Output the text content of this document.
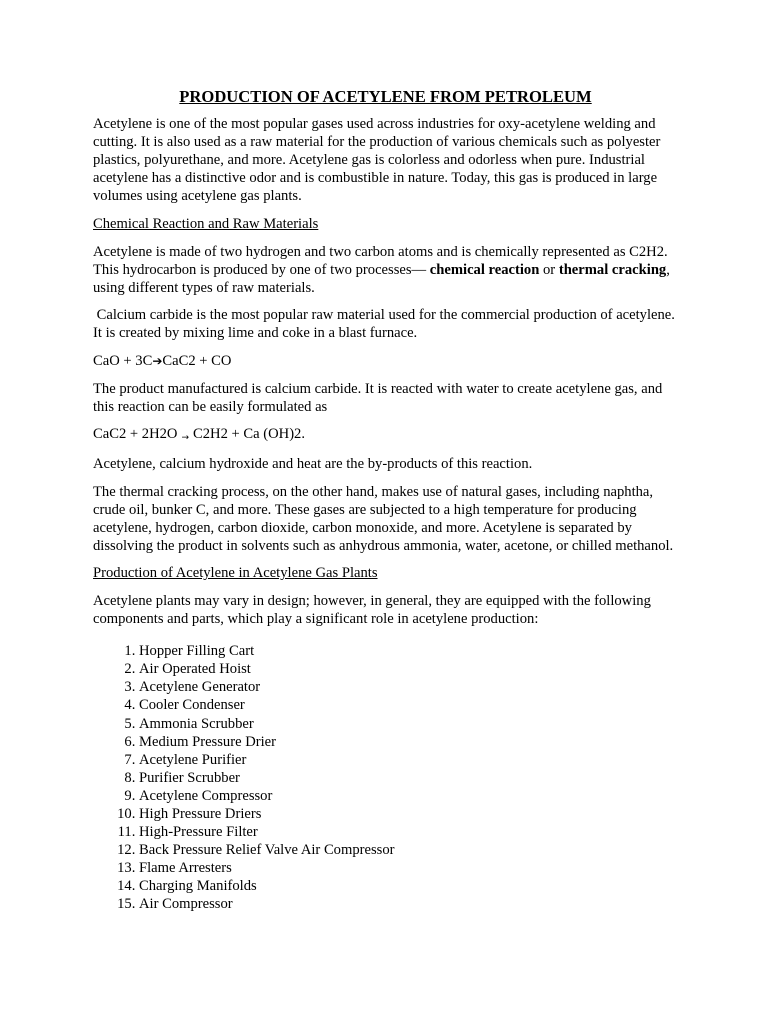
PRODUCTION OF ACETYLENE FROM PETROLEUM

Acetylene is one of the most popular gases used across industries for oxy-acetylene welding and cutting. It is also used as a raw material for the production of various chemicals such as polyester plastics, polyurethane, and more. Acetylene gas is colorless and odorless when pure. Industrial acetylene has a distinctive odor and is combustible in nature. Today, this gas is produced in large volumes using acetylene gas plants.

Chemical Reaction and Raw Materials

Acetylene is made of two hydrogen and two carbon atoms and is chemically represented as C2H2. This hydrocarbon is produced by one of two processes— chemical reaction or thermal cracking, using different types of raw materials.

Calcium carbide is the most popular raw material used for the commercial production of acetylene. It is created by mixing lime and coke in a blast furnace.

CaO + 3C➔CaC2 + CO

The product manufactured is calcium carbide. It is reacted with water to create acetylene gas, and this reaction can be easily formulated as

CaC2 + 2H2O → C2H2 + Ca (OH)2.

Acetylene, calcium hydroxide and heat are the by-products of this reaction.

The thermal cracking process, on the other hand, makes use of natural gases, including naphtha, crude oil, bunker C, and more. These gases are subjected to a high temperature for producing acetylene, hydrogen, carbon dioxide, carbon monoxide, and more. Acetylene is separated by dissolving the product in solvents such as anhydrous ammonia, water, acetone, or chilled methanol.

Production of Acetylene in Acetylene Gas Plants

Acetylene plants may vary in design; however, in general, they are equipped with the following components and parts, which play a significant role in acetylene production:

1. Hopper Filling Cart
2. Air Operated Hoist
3. Acetylene Generator
4. Cooler Condenser
5. Ammonia Scrubber
6. Medium Pressure Drier
7. Acetylene Purifier
8. Purifier Scrubber
9. Acetylene Compressor
10. High Pressure Driers
11. High-Pressure Filter
12. Back Pressure Relief Valve Air Compressor
13. Flame Arresters
14. Charging Manifolds
15. Air Compressor
